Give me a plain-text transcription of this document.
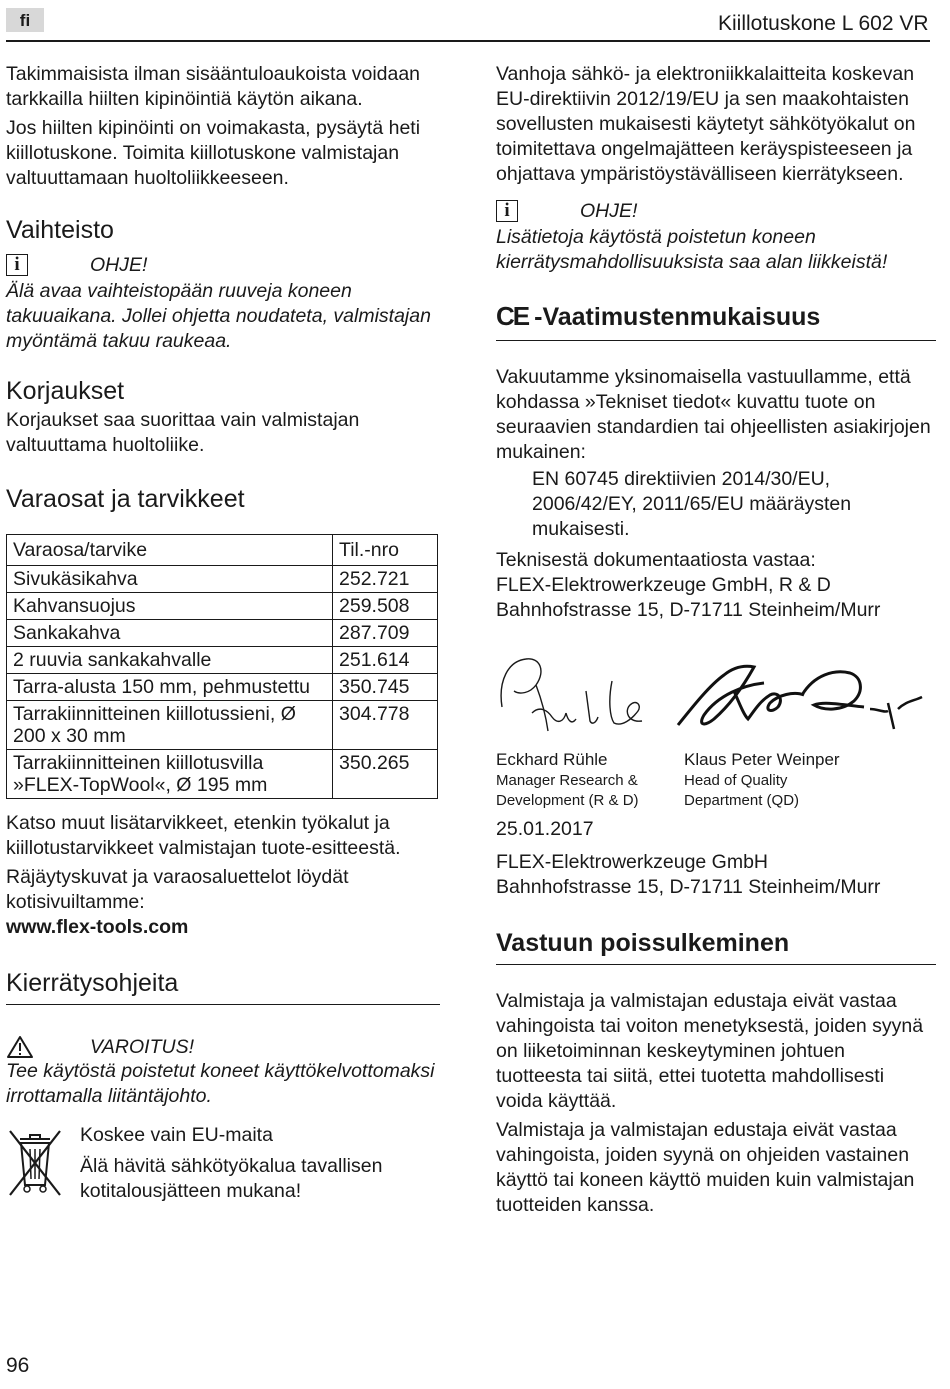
fi	Kiillotuskone L 602 VR

Takimmaisista ilman sisääntuloaukoista voidaan tarkkailla hiilten kipinöintiä käytön aikana.

Jos hiilten kipinöinti on voimakasta, pysäytä heti kiillotuskone. Toimita kiillotuskone valmistajan valtuuttamaan huoltoliikkeeseen.

Vaihteisto
i	OHJE!

Älä avaa vaihteistopään ruuveja koneen takuuaikana. Jollei ohjetta noudateta, valmistajan myöntämä takuu raukeaa.

Korjaukset

Korjaukset saa suorittaa vain valmistajan valtuuttama huoltoliike.

Varaosat ja tarvikkeet
Varaosa/tarvike	Til.-nro
Sivukäsikahva	252.721
Kahvansuojus	259.508
Sankakahva	287.709
2 ruuvia sankakahvalle	251.614
Tarra-alusta 150 mm, pehmustettu	350.745
Tarrakiinnitteinen kiillotussieni, Ø 200 x 30 mm	304.778
Tarrakiinnitteinen kiillotusvilla »FLEX-TopWool«, Ø 195 mm	350.265

Katso muut lisätarvikkeet, etenkin työkalut ja kiillotustarvikkeet valmistajan tuote-esitteestä.

Räjäytyskuvat ja varaosaluettelot löydät kotisivuiltamme:

www.flex-tools.com

Kierrätysohjeita
VAROITUS!

Tee käytöstä poistetut koneet käyttökelvottomaksi irrottamalla liitäntäjohto.

Koskee vain EU-maita

Älä hävitä sähkötyökalua tavallisen kotitalousjätteen mukana!

Vanhoja sähkö- ja elektroniikkalaitteita koskevan EU-direktiivin 2012/19/EU ja sen maakohtaisten sovellusten mukaisesti käytetyt sähkötyökalut on toimitettava ongelmajätteen keräyspisteeseen ja ohjattava ympäristöystävälliseen kierrätykseen.

i	OHJE!

Lisätietoja käytöstä poistetun koneen kierrätysmahdollisuuksista saa alan liikkeistä!

CE -Vaatimustenmukaisuus

Vakuutamme yksinomaisella vastuullamme, että kohdassa »Tekniset tiedot« kuvattu tuote on seuraavien standardien tai ohjeellisten asiakirjojen mukainen:

EN 60745 direktiivien 2014/30/EU, 2006/42/EY, 2011/65/EU määräysten mukaisesti.

Teknisestä dokumentaatiosta vastaa:

FLEX-Elektrowerkzeuge GmbH, R & D

Bahnhofstrasse 15, D-71711 Steinheim/Murr

Eckhard Rühle
Manager Research & Development (R & D)
Klaus Peter Weinper
Head of Quality Department (QD)

25.01.2017

FLEX-Elektrowerkzeuge GmbH

Bahnhofstrasse 15, D-71711 Steinheim/Murr

Vastuun poissulkeminen

Valmistaja ja valmistajan edustaja eivät vastaa vahingoista tai voiton menetyksestä, joiden syynä on liiketoiminnan keskeytyminen johtuen tuotteesta tai siitä, ettei tuotetta mahdollisesti voida käyttää.

Valmistaja ja valmistajan edustaja eivät vastaa vahingoista, joiden syynä on ohjeiden vastainen käyttö tai koneen käyttö muiden kuin valmistajan tuotteiden kanssa.

96
